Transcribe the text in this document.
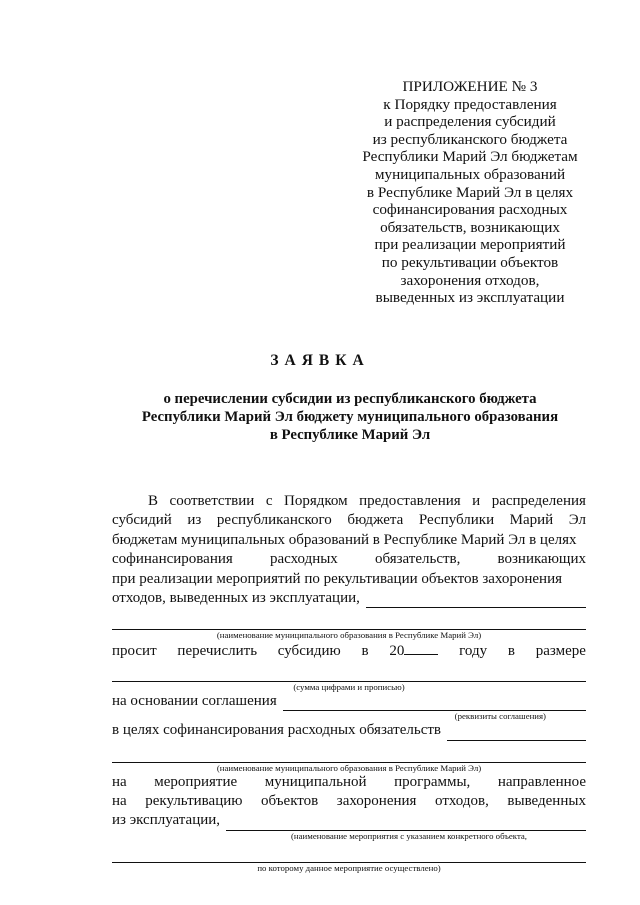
ПРИЛОЖЕНИЕ № 3
к Порядку предоставления
и распределения субсидий
из республиканского бюджета
Республики Марий Эл бюджетам
муниципальных образований
в Республике Марий Эл в целях
софинансирования расходных
обязательств, возникающих
при реализации мероприятий
по рекультивации объектов
захоронения отходов,
выведенных из эксплуатации
ЗАЯВКА
о перечислении субсидии из республиканского бюджета
Республики Марий Эл бюджету муниципального образования
в Республике Марий Эл
В соответствии с Порядком предоставления и распределения
субсидий из республиканского бюджета Республики Марий Эл
бюджетам муниципальных образований в Республике Марий Эл в целях
софинансирования расходных обязательств, возникающих
при реализации мероприятий по рекультивации объектов захоронения
отходов, выведенных из эксплуатации,
(наименование муниципального образования в Республике Марий Эл)
просит перечислить субсидию в 20	году в размере
(сумма цифрами и прописью)
на основании соглашения
(реквизиты соглашения)
в целях софинансирования расходных обязательств
(наименование муниципального образования в Республике Марий Эл)
на мероприятие муниципальной программы, направленное
на рекультивацию объектов захоронения отходов, выведенных
из эксплуатации,
(наименование мероприятия с указанием конкретного объекта,
по которому данное мероприятие осуществлено)
